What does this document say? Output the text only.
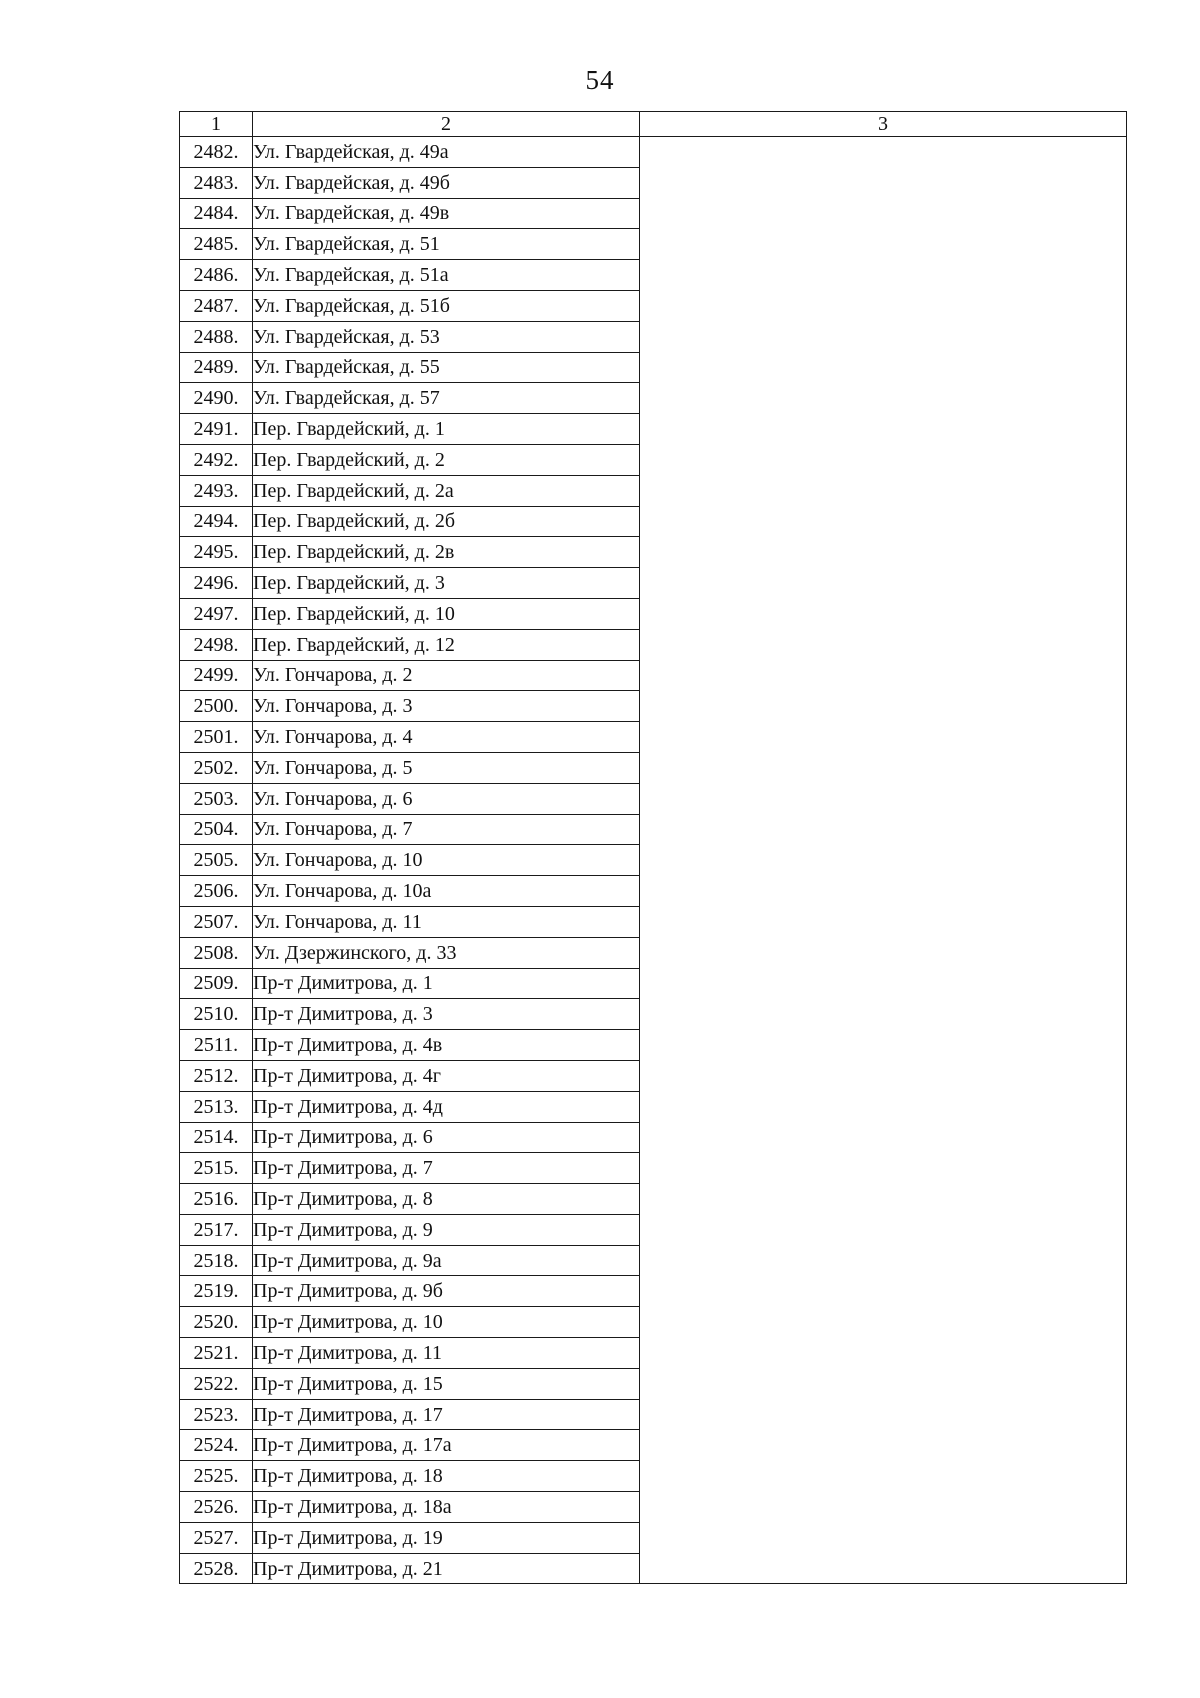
54
1	2	3
2482.	Ул. Гвардейская, д. 49а	
2483.	Ул. Гвардейская, д. 49б	
2484.	Ул. Гвардейская, д. 49в	
2485.	Ул. Гвардейская, д. 51	
2486.	Ул. Гвардейская, д. 51а	
2487.	Ул. Гвардейская, д. 51б	
2488.	Ул. Гвардейская, д. 53	
2489.	Ул. Гвардейская, д. 55	
2490.	Ул. Гвардейская, д. 57	
2491.	Пер. Гвардейский, д. 1	
2492.	Пер. Гвардейский, д. 2	
2493.	Пер. Гвардейский, д. 2а	
2494.	Пер. Гвардейский, д. 2б	
2495.	Пер. Гвардейский, д. 2в	
2496.	Пер. Гвардейский, д. 3	
2497.	Пер. Гвардейский, д. 10	
2498.	Пер. Гвардейский, д. 12	
2499.	Ул. Гончарова, д. 2	
2500.	Ул. Гончарова, д. 3	
2501.	Ул. Гончарова, д. 4	
2502.	Ул. Гончарова, д. 5	
2503.	Ул. Гончарова, д. 6	
2504.	Ул. Гончарова, д. 7	
2505.	Ул. Гончарова, д. 10	
2506.	Ул. Гончарова, д. 10а	
2507.	Ул. Гончарова, д. 11	
2508.	Ул. Дзержинского, д. 33	
2509.	Пр-т Димитрова, д. 1	
2510.	Пр-т Димитрова, д. 3	
2511.	Пр-т Димитрова, д. 4в	
2512.	Пр-т Димитрова, д. 4г	
2513.	Пр-т Димитрова, д. 4д	
2514.	Пр-т Димитрова, д. 6	
2515.	Пр-т Димитрова, д. 7	
2516.	Пр-т Димитрова, д. 8	
2517.	Пр-т Димитрова, д. 9	
2518.	Пр-т Димитрова, д. 9а	
2519.	Пр-т Димитрова, д. 9б	
2520.	Пр-т Димитрова, д. 10	
2521.	Пр-т Димитрова, д. 11	
2522.	Пр-т Димитрова, д. 15	
2523.	Пр-т Димитрова, д. 17	
2524.	Пр-т Димитрова, д. 17а	
2525.	Пр-т Димитрова, д. 18	
2526.	Пр-т Димитрова, д. 18а	
2527.	Пр-т Димитрова, д. 19	
2528.	Пр-т Димитрова, д. 21	
